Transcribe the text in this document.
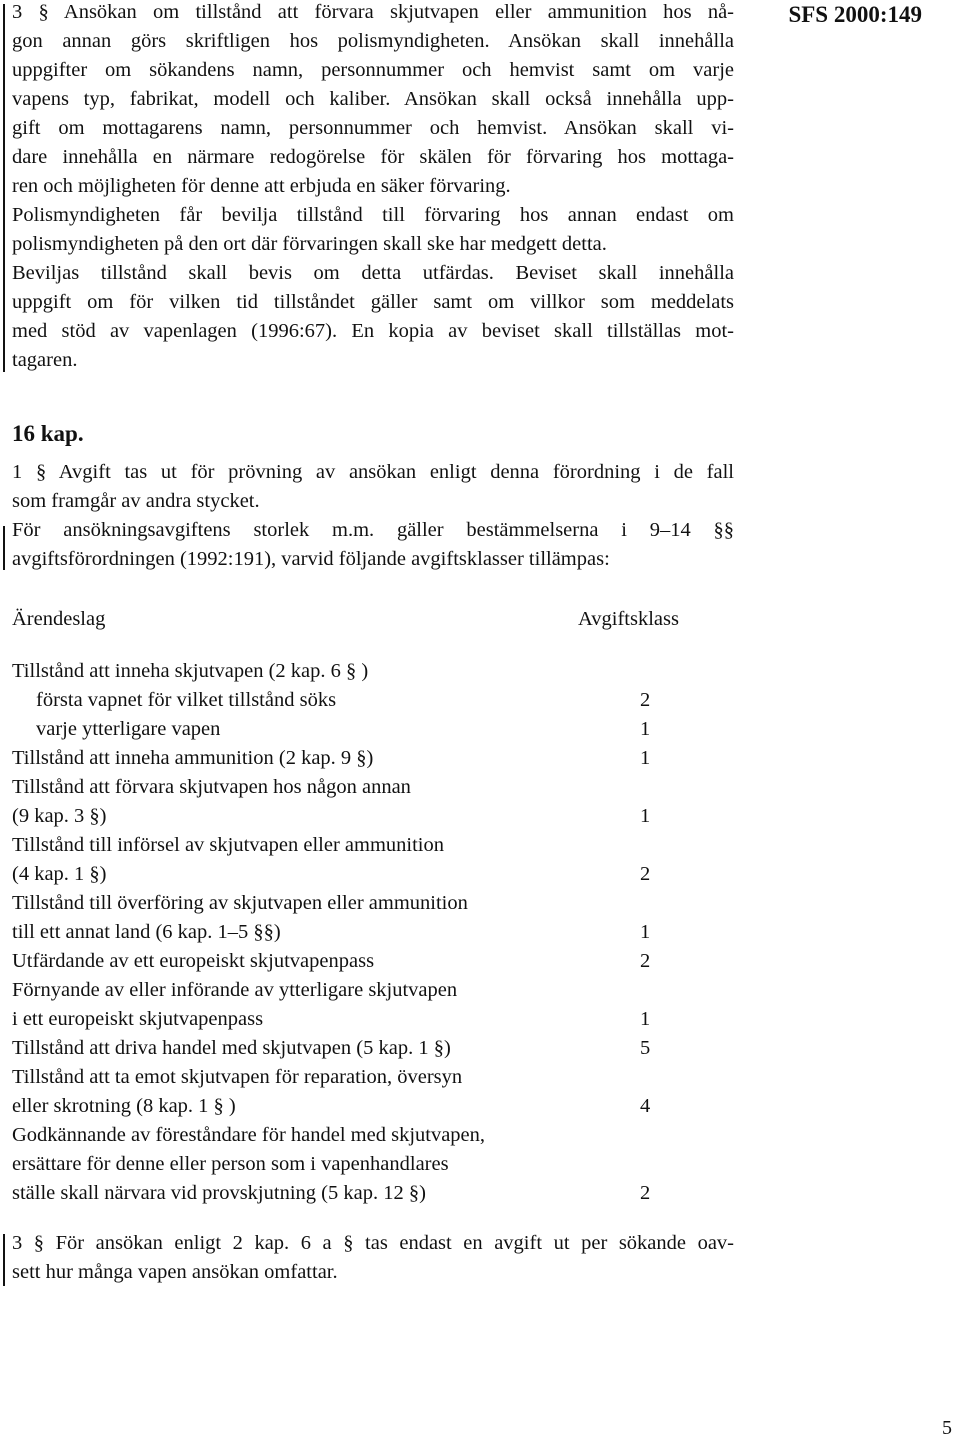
SFS 2000:149
3 § Ansökan om tillstånd att förvara skjutvapen eller ammunition hos nå-
gon annan görs skriftligen hos polismyndigheten. Ansökan skall innehålla
uppgifter om sökandens namn, personnummer och hemvist samt om varje
vapens typ, fabrikat, modell och kaliber. Ansökan skall också innehålla upp-
gift om mottagarens namn, personnummer och hemvist. Ansökan skall vi-
dare innehålla en närmare redogörelse för skälen för förvaring hos mottaga-
ren och möjligheten för denne att erbjuda en säker förvaring.
Polismyndigheten får bevilja tillstånd till förvaring hos annan endast om
polismyndigheten på den ort där förvaringen skall ske har medgett detta.
Beviljas tillstånd skall bevis om detta utfärdas. Beviset skall innehålla
uppgift om för vilken tid tillståndet gäller samt om villkor som meddelats
med stöd av vapenlagen (1996:67). En kopia av beviset skall tillställas mot-
tagaren.
16 kap.
1 § Avgift tas ut för prövning av ansökan enligt denna förordning i de fall
som framgår av andra stycket.
För ansökningsavgiftens storlek m.m. gäller bestämmelserna i 9–14 §§
avgiftsförordningen (1992:191), varvid följande avgiftsklasser tillämpas:
Ärendeslag	Avgiftsklass
Tillstånd att inneha skjutvapen (2 kap. 6 § )
första vapnet för vilket tillstånd söks	2
varje ytterligare vapen	1
Tillstånd att inneha ammunition (2 kap. 9 §)	1
Tillstånd att förvara skjutvapen hos någon annan
(9 kap. 3 §)	1
Tillstånd till införsel av skjutvapen eller ammunition
(4 kap. 1 §)	2
Tillstånd till överföring av skjutvapen eller ammunition
till ett annat land (6 kap. 1–5 §§)	1
Utfärdande av ett europeiskt skjutvapenpass	2
Förnyande av eller införande av ytterligare skjutvapen
i ett europeiskt skjutvapenpass	1
Tillstånd att driva handel med skjutvapen (5 kap. 1 §)	5
Tillstånd att ta emot skjutvapen för reparation, översyn
eller skrotning (8 kap. 1 § )	4
Godkännande av föreståndare för handel med skjutvapen,
ersättare för denne eller person som i vapenhandlares
ställe skall närvara vid provskjutning (5 kap. 12 §)	2
3 § För ansökan enligt 2 kap. 6 a § tas endast en avgift ut per sökande oav-
sett hur många vapen ansökan omfattar.
5
